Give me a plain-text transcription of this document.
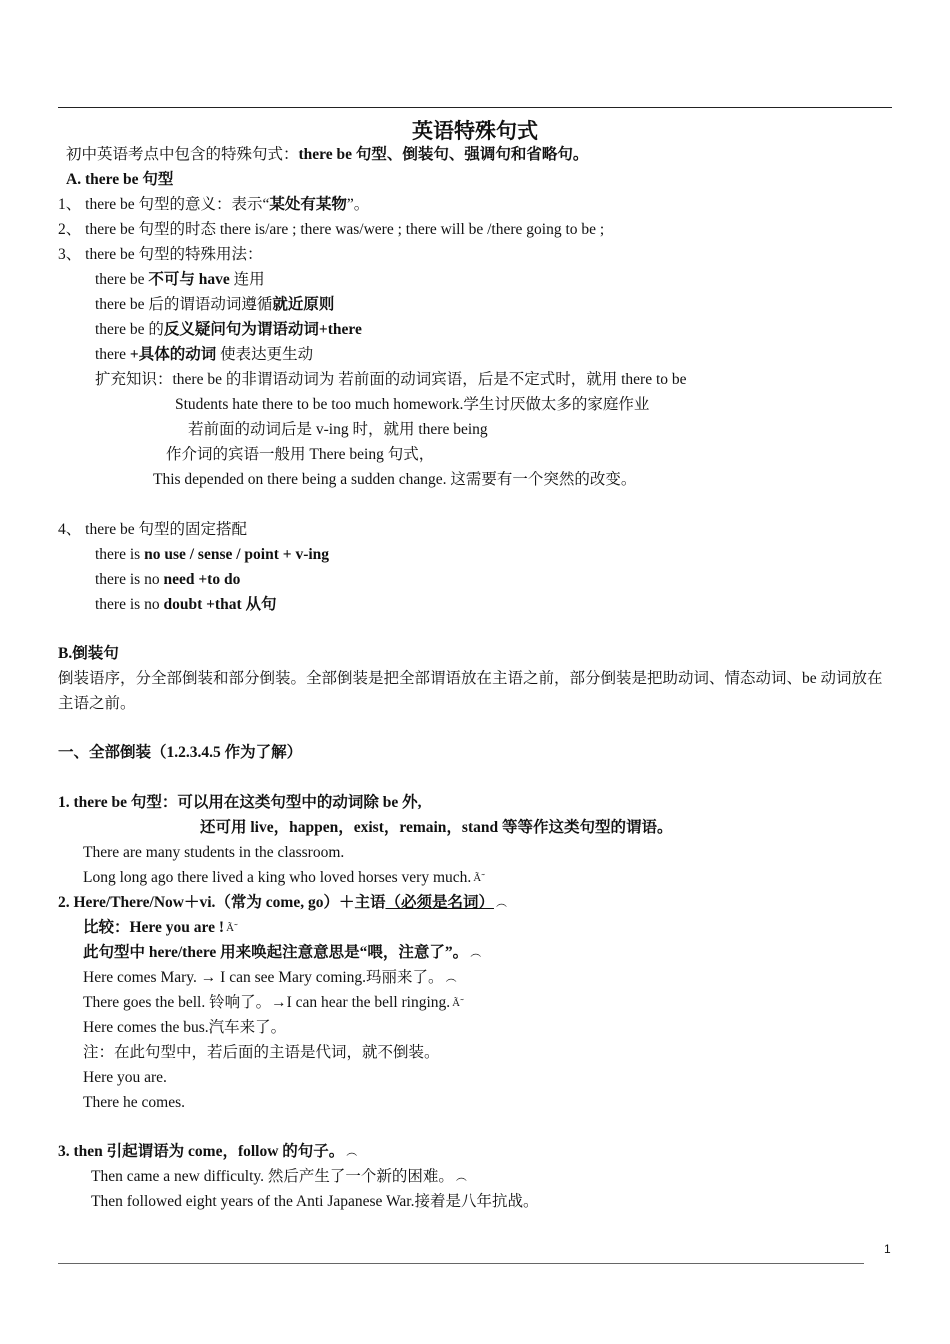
英语特殊句式
初中英语考点中包含的特殊句式：there be 句型、倒装句、强调句和省略句。
A. there be 句型
1、 there be 句型的意义：表示“某处有某物”。
2、 there be 句型的时态 there is/are ; there was/were ; there will be /there going to be ;
3、 there be 句型的特殊用法：
there be 不可与 have 连用
there be 后的谓语动词遵循就近原则
there be 的反义疑问句为谓语动词+there
there +具体的动词 使表达更生动
扩充知识：there be 的非谓语动词为 若前面的动词宾语，后是不定式时，就用 there to be
Students hate there to be too much homework.学生讨厌做太多的家庭作业
若前面的动词后是 v-ing 时，就用 there being
作介词的宾语一般用 There being 句式，
This depended on there being a sudden change. 这需要有一个突然的改变。
4、 there be 句型的固定搭配
there is no use / sense / point + v-ing
there is no need +to do
there is no doubt +that 从句
B.倒装句
倒装语序，分全部倒装和部分倒装。全部倒装是把全部谓语放在主语之前，部分倒装是把助动词、情态动词、be 动词放在主语之前。
一、全部倒装（1.2.3.4.5 作为了解）
1. there be 句型：可以用在这类句型中的动词除 be 外,
还可用 live，happen，exist，remain，stand 等等作这类句型的谓语。
There are many students in the classroom.
Long long ago there lived a king who loved horses very much. Ã̃
2. Here/There/Now＋vi.（常为 come, go）＋主语（必须是名词） ︵
比较：Here you are ! Ã̃
此句型中 here/there 用来唤起注意意思是“喂，注意了”。 ︵
Here comes Mary. → I can see Mary coming.玛丽来了。 ︵
There goes the bell. 铃响了。→I can hear the bell ringing. Ã̃
Here comes the bus.汽车来了。
注：在此句型中，若后面的主语是代词，就不倒装。
Here you are.
There he comes.
3. then 引起谓语为 come，follow 的句子。 ︵
Then came a new difficulty. 然后产生了一个新的困难。 ︵
Then followed eight years of the Anti Japanese War.接着是八年抗战。
1
